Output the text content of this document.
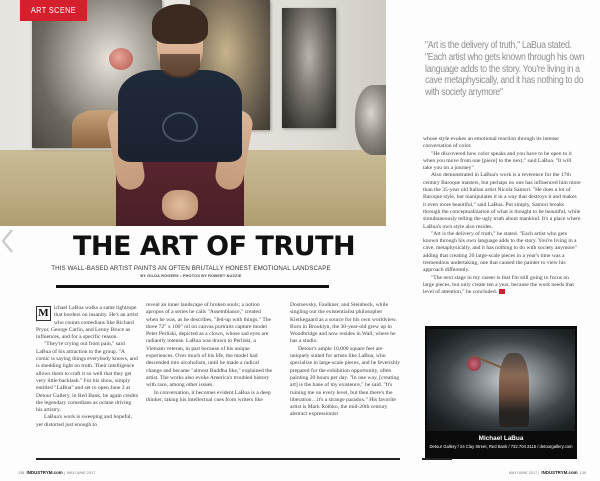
ART SCENE
THE ART OF TRUTH
THIS WALL-BASED ARTIST PAINTS AN OFTEN BRUTALLY HONEST EMOTIONAL LANDSCAPE
BY GILDA ROGERS • PHOTOS BY ROBERT NUZZIE

M ichael LaBua walks a same tightrope that borders on insanity. He's an artist who counts comedians like Richard Pryor, George Carlin, and Lenny Bruce as influences, and for a specific reason.

"They're crying out from pain," said LaBua of his attraction to the group. "A comic is saying things everybody knows, and is shedding light on truth. Their intelligence allows them to craft it so well that they get very little backlash." For his show, simply entitled "LaBua" and set to open June 3 at Detour Gallery, in Red Bank, he again credits the legendary comedians as octane driving his artistry.

LaBua's work is sweeping and hopeful, yet distorted just enough to

reveal an inner landscape of broken souls; a notion apropos of a series he calls "Assemblance," created when he was, as he describes, "fed-up with things." The three 72" x 100" oil on canvas portraits capture model Peter Perliski, depicted as a clown, whose sad eyes are radiantly intense. LaBua was drawn to Perliski, a Vietnam veteran, in part because of his unique experiences. Over much of his life, the model had descended into alcoholism, until he made a radical change and became "almost Buddha like," explained the artist. The works also evoke America's troubled history with race, among other issues.

In conversation, it becomes evident LaBua is a deep thinker, taking his intellectual cues from writers like

Dostoevsky, Faulkner, and Steinbeck, while singling out the existentialist philosopher Kierkegaard as a source for his own worldview. Born in Brooklyn, the 30-year-old grew up in Woodbridge and now resides in Wall, where he has a studio.

Detour's ample 10,000 square feet are uniquely suited for artists like LaBua, who specialize in large-scale pieces, and he feverishly prepared for the exhibition opportunity, often painting 20 hours per day. "In one way, [creating art] is the bane of my existence," he said. "It's ruining me on every level, but then there's the liberation…it's a strange paradox." His favorite artist is Mark Rothko, the mid-20th century abstract expressionist

"Art is the delivery of truth," LaBua stated. "Each artist who gets known through his own language adds to the story. You're living in a cave metaphysically, and it has nothing to do with society anymore"

whose style evokes an emotional reaction through its intense conversation of color.

"He discovered how color speaks and you have to be open to it when you move from one [piece] to the next," said LaBua. "It will take you on a journey"

Also demonstrated in LaBua's work is a reverence for the 17th century Baroque masters, but perhaps no one has influenced him more than the 35-year old Italian artist Nicola Samori. "He does a lot of Baroque style, but manipulates it in a way that destroys it and makes it even more beautiful," said LaBua. Put simply, Samori breaks through the conceptualization of what is thought to be beautiful, while simultaneously telling the ugly truth about mankind. It's a place where LaBua's own style also resides.

"Art is the delivery of truth," he stated. "Each artist who gets known through his own language adds to the story. You're living in a cave, metaphysically, and it has nothing to do with society anymore" adding that creating 20 large-scale pieces in a year's time was a tremendous undertaking, one that caused the painter to view his approach differently.

"The next stage in my career is that I'm still going to focus on large pieces, but only create ten a year, because the work needs that level of attention," he concluded.

Michael LaBua
Detour Gallery / 24 Clay Street, Red Bank / 732.704.3115 / detourgallery.com
138 INDUSTRYM.com |  MAY/JUNE 2017	MAY/JUNE 2017 |  INDUSTRYM.com 139
